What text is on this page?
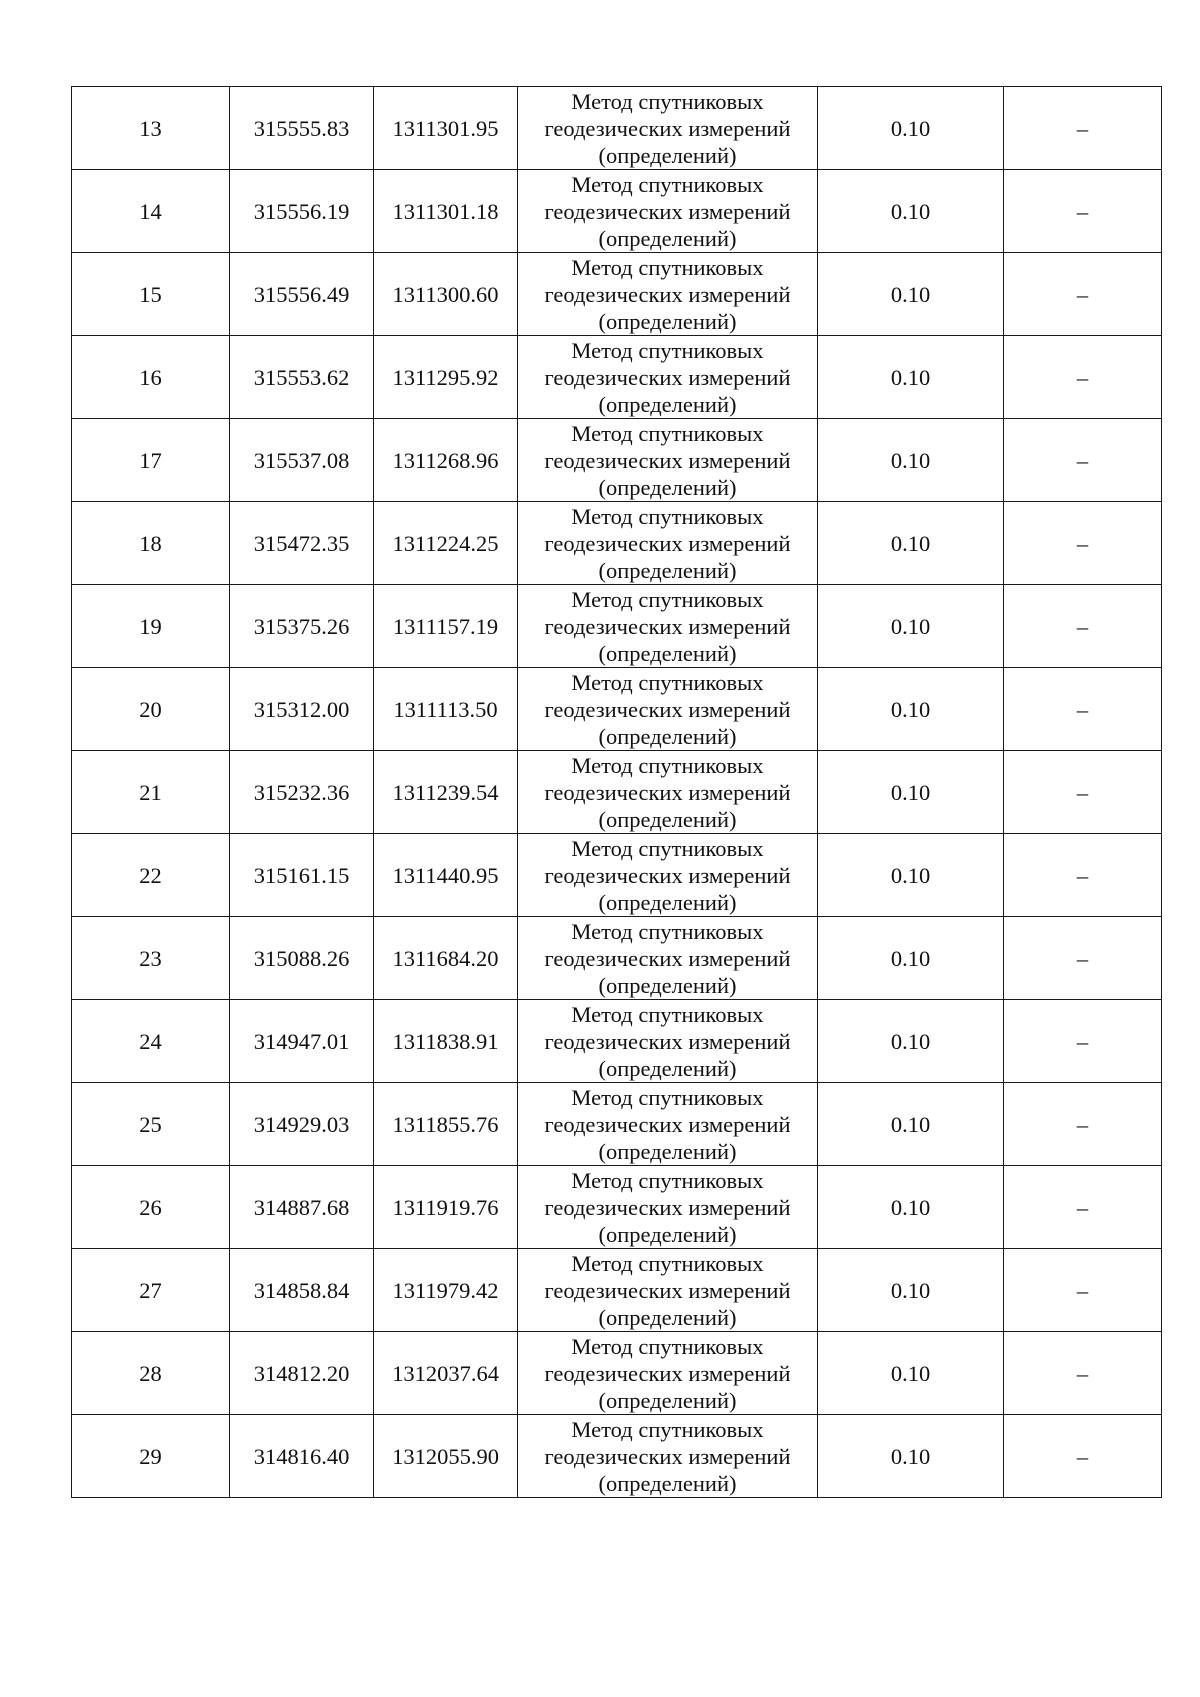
13	315555.83	1311301.95	Метод спутниковых геодезических измерений (определений)	0.10	–
14	315556.19	1311301.18	Метод спутниковых геодезических измерений (определений)	0.10	–
15	315556.49	1311300.60	Метод спутниковых геодезических измерений (определений)	0.10	–
16	315553.62	1311295.92	Метод спутниковых геодезических измерений (определений)	0.10	–
17	315537.08	1311268.96	Метод спутниковых геодезических измерений (определений)	0.10	–
18	315472.35	1311224.25	Метод спутниковых геодезических измерений (определений)	0.10	–
19	315375.26	1311157.19	Метод спутниковых геодезических измерений (определений)	0.10	–
20	315312.00	1311113.50	Метод спутниковых геодезических измерений (определений)	0.10	–
21	315232.36	1311239.54	Метод спутниковых геодезических измерений (определений)	0.10	–
22	315161.15	1311440.95	Метод спутниковых геодезических измерений (определений)	0.10	–
23	315088.26	1311684.20	Метод спутниковых геодезических измерений (определений)	0.10	–
24	314947.01	1311838.91	Метод спутниковых геодезических измерений (определений)	0.10	–
25	314929.03	1311855.76	Метод спутниковых геодезических измерений (определений)	0.10	–
26	314887.68	1311919.76	Метод спутниковых геодезических измерений (определений)	0.10	–
27	314858.84	1311979.42	Метод спутниковых геодезических измерений (определений)	0.10	–
28	314812.20	1312037.64	Метод спутниковых геодезических измерений (определений)	0.10	–
29	314816.40	1312055.90	Метод спутниковых геодезических измерений (определений)	0.10	–
